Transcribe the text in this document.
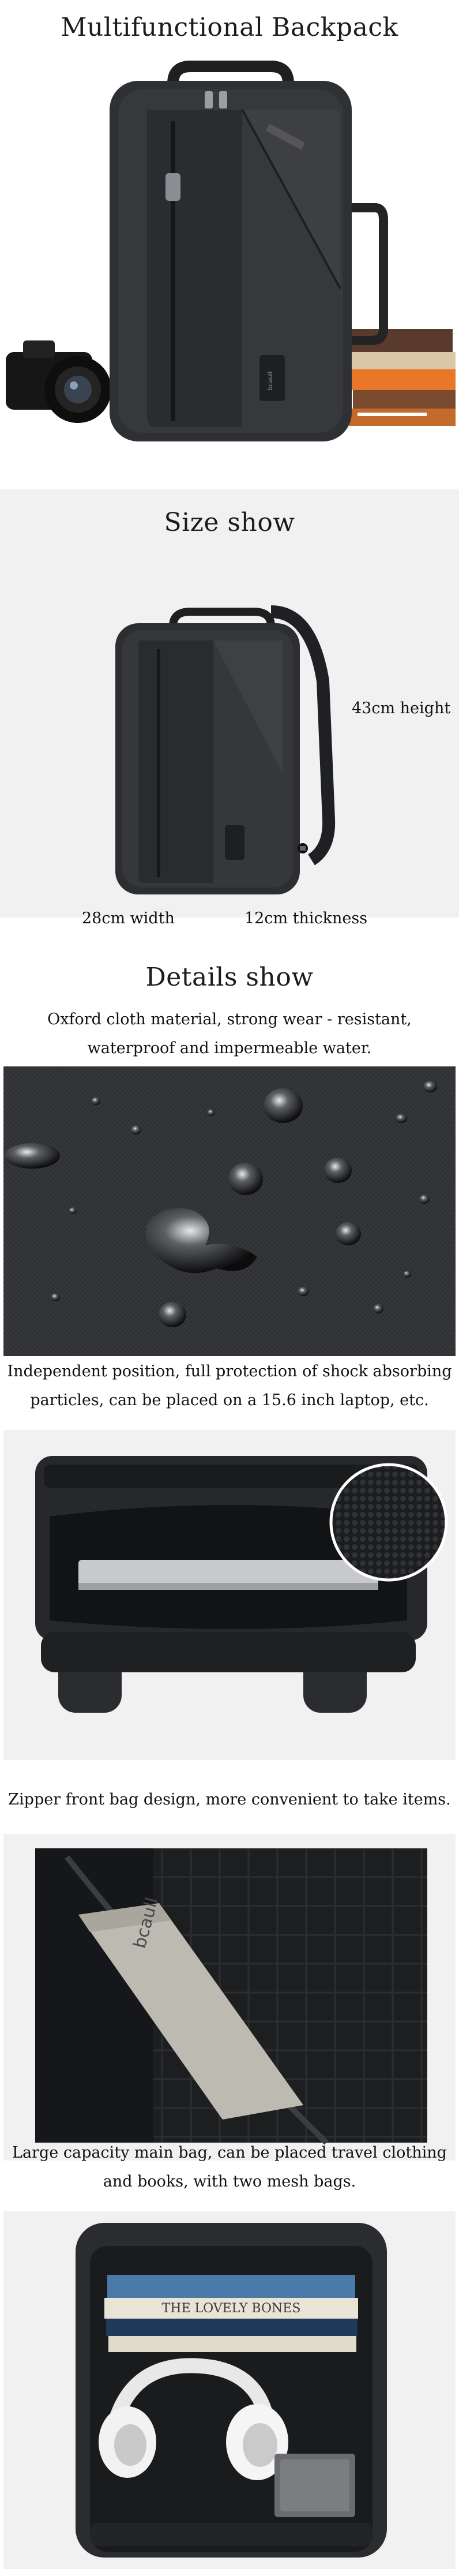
Multifunctional Backpack
bcaull
Size show
43cm height
28cm width	12cm thickness
Details show
Oxford cloth material, strong wear - resistant,
waterproof and impermeable water.
Independent position, full protection of shock absorbing
particles, can be placed on a 15.6 inch laptop, etc.
Zipper front bag design, more convenient to take items.
bcaull
Large capacity main bag, can be placed travel clothing
and books, with two mesh bags.
THE LOVELY BONES
